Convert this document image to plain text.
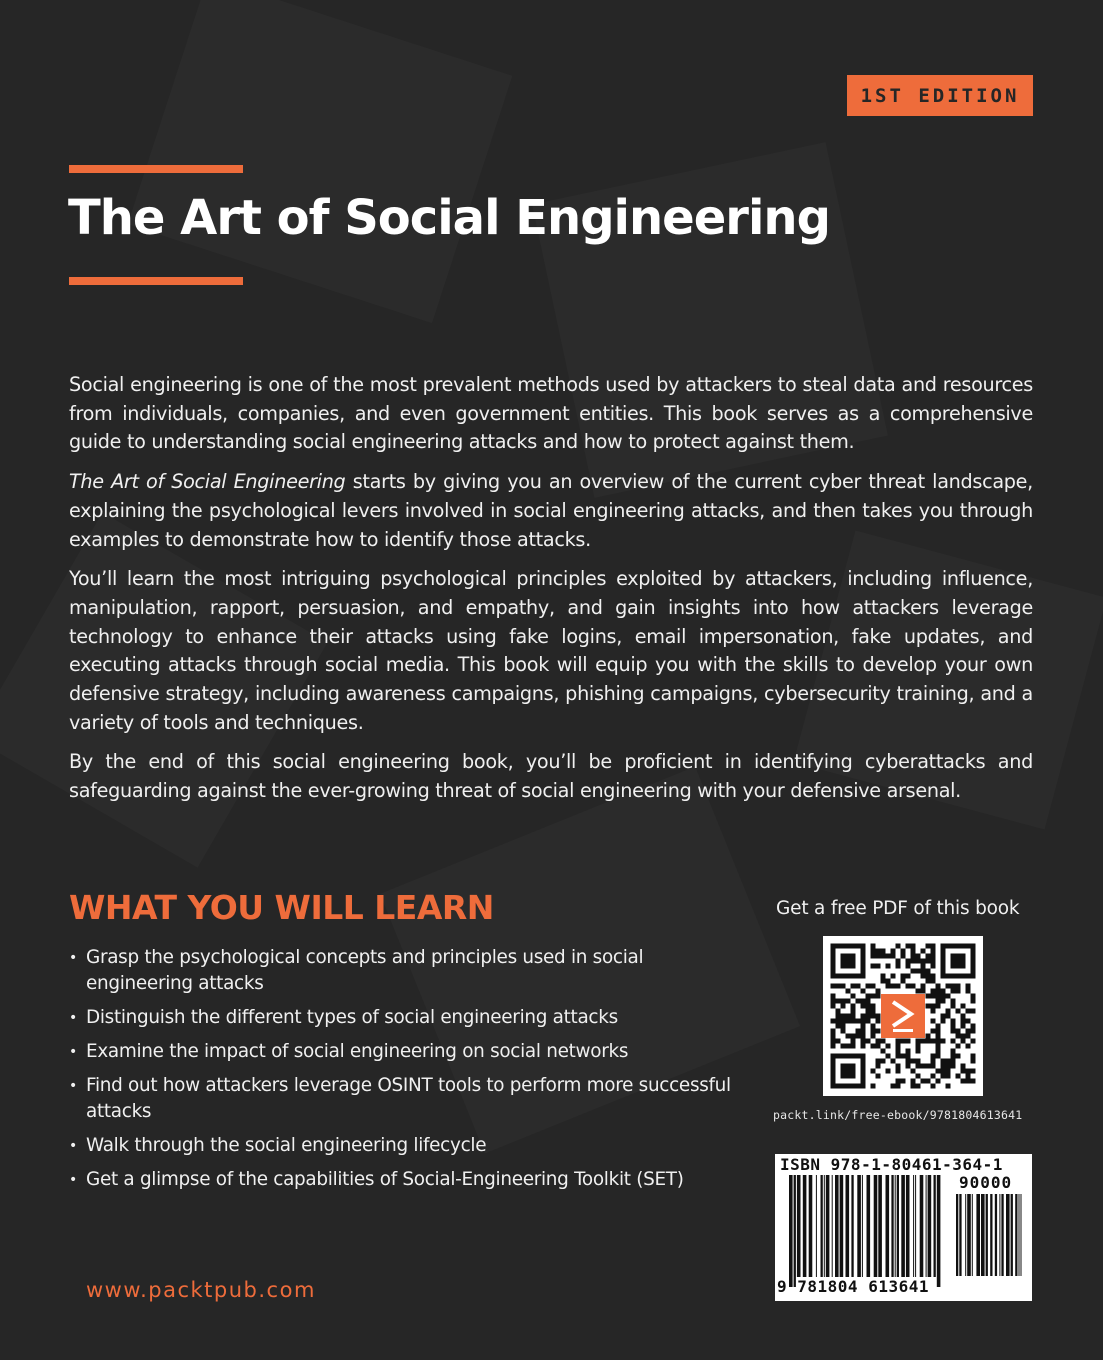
1ST EDITION
The Art of Social Engineering

Social engineering is one of the most prevalent methods used by attackers to steal data and resources from individuals, companies, and even government entities. This book serves as a comprehensive guide to understanding social engineering attacks and how to protect against them.

The Art of Social Engineering starts by giving you an overview of the current cyber threat landscape, explaining the psychological levers involved in social engineering attacks, and then takes you through examples to demonstrate how to identify those attacks.

You’ll learn the most intriguing psychological principles exploited by attackers, including influence, manipulation, rapport, persuasion, and empathy, and gain insights into how attackers leverage technology to enhance their attacks using fake logins, email impersonation, fake updates, and executing attacks through social media. This book will equip you with the skills to develop your own defensive strategy, including awareness campaigns, phishing campaigns, cybersecurity training, and a variety of tools and techniques.

By the end of this social engineering book, you’ll be proficient in identifying cyberattacks and safeguarding against the ever-growing threat of social engineering with your defensive arsenal.

WHAT YOU WILL LEARN
• Grasp the psychological concepts and principles used in social engineering attacks
• Distinguish the different types of social engineering attacks
• Examine the impact of social engineering on social networks
• Find out how attackers leverage OSINT tools to perform more successful attacks
• Walk through the social engineering lifecycle
• Get a glimpse of the capabilities of Social-Engineering Toolkit (SET)
www.packtpub.com
Get a free PDF of this book
packt.link/free-ebook/9781804613641
ISBN 978-1-80461-364-1
90000
9 781804 613641
